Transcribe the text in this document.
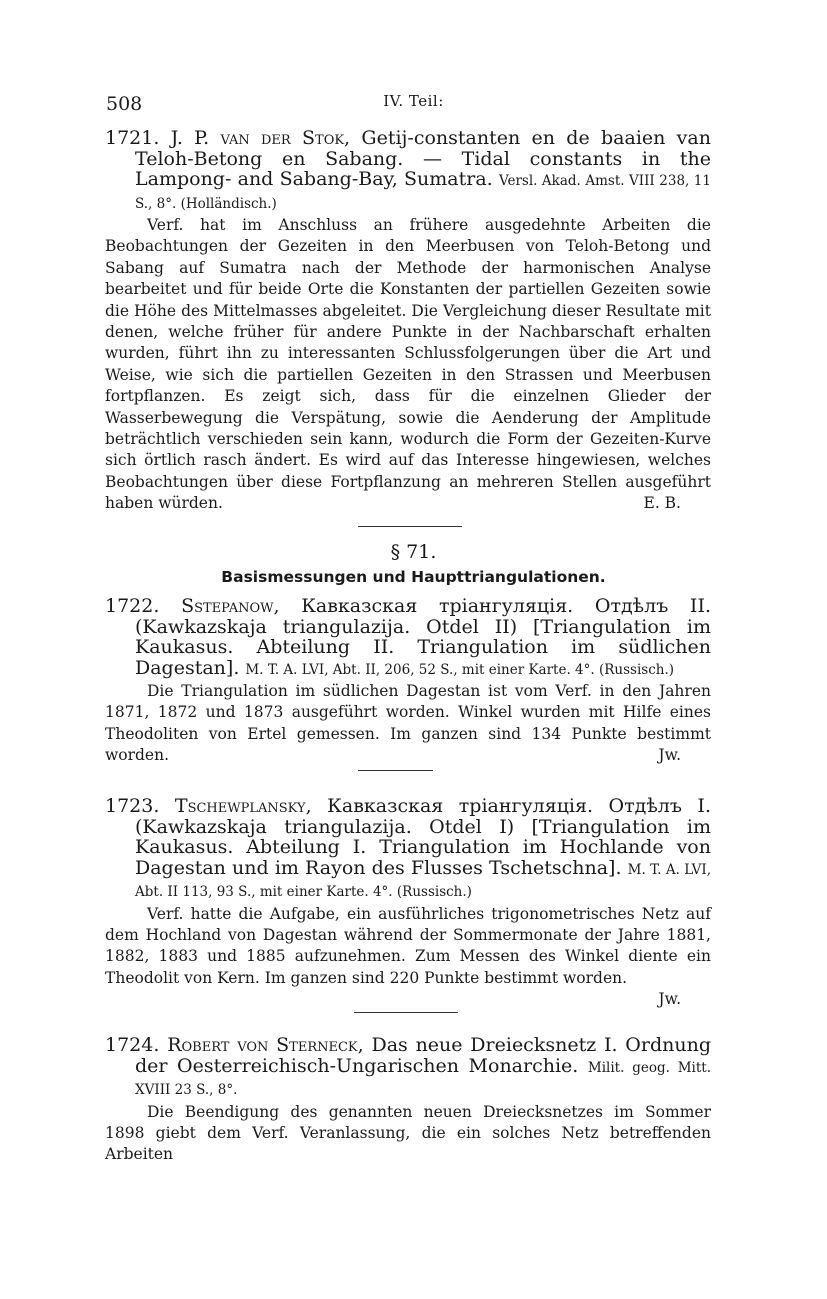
508	IV. Teil:
1721. J. P. van der Stok, Getij-constanten en de baaien van Teloh-Betong en Sabang. — Tidal constants in the Lampong- and Sabang-Bay, Sumatra. Versl. Akad. Amst. VIII 238, 11 S., 8°. (Holländisch.)
Verf. hat im Anschluss an frühere ausgedehnte Arbeiten die Beobachtungen der Gezeiten in den Meerbusen von Teloh-Betong und Sabang auf Sumatra nach der Methode der harmonischen Analyse bearbeitet und für beide Orte die Konstanten der partiellen Gezeiten sowie die Höhe des Mittelmasses abgeleitet. Die Vergleichung dieser Resultate mit denen, welche früher für andere Punkte in der Nachbarschaft erhalten wurden, führt ihn zu interessanten Schlussfolgerungen über die Art und Weise, wie sich die partiellen Gezeiten in den Strassen und Meerbusen fortpflanzen. Es zeigt sich, dass für die einzelnen Glieder der Wasserbewegung die Verspätung, sowie die Aenderung der Amplitude beträchtlich verschieden sein kann, wodurch die Form der Gezeiten-Kurve sich örtlich rasch ändert. Es wird auf das Interesse hingewiesen, welches Beobachtungen über diese Fortpflanzung an mehreren Stellen ausgeführt haben würden.	E. B.
§ 71.
Basismessungen und Haupttriangulationen.
1722. Sstepanow, Кавказская тріангуляція. Отдѣлъ II. (Kawkazskaja triangulazija. Otdel II) [Triangulation im Kaukasus. Abteilung II. Triangulation im südlichen Dagestan]. M. T. A. LVI, Abt. II, 206, 52 S., mit einer Karte. 4°. (Russisch.)
Die Triangulation im südlichen Dagestan ist vom Verf. in den Jahren 1871, 1872 und 1873 ausgeführt worden. Winkel wurden mit Hilfe eines Theodoliten von Ertel gemessen. Im ganzen sind 134 Punkte bestimmt worden.	Jw.
1723. Tschewplansky, Кавказская тріангуляція. Отдѣлъ I. (Kawkazskaja triangulazija. Otdel I) [Triangulation im Kaukasus. Abteilung I. Triangulation im Hochlande von Dagestan und im Rayon des Flusses Tschetschna]. M. T. A. LVI, Abt. II 113, 93 S., mit einer Karte. 4°. (Russisch.)
Verf. hatte die Aufgabe, ein ausführliches trigonometrisches Netz auf dem Hochland von Dagestan während der Sommermonate der Jahre 1881, 1882, 1883 und 1885 aufzunehmen. Zum Messen des Winkel diente ein Theodolit von Kern. Im ganzen sind 220 Punkte bestimmt worden.
Jw.
1724. Robert von Sterneck, Das neue Dreiecksnetz I. Ordnung der Oesterreichisch-Ungarischen Monarchie. Milit. geog. Mitt. XVIII 23 S., 8°.
Die Beendigung des genannten neuen Dreiecksnetzes im Sommer 1898 giebt dem Verf. Veranlassung, die ein solches Netz betreffenden Arbeiten
